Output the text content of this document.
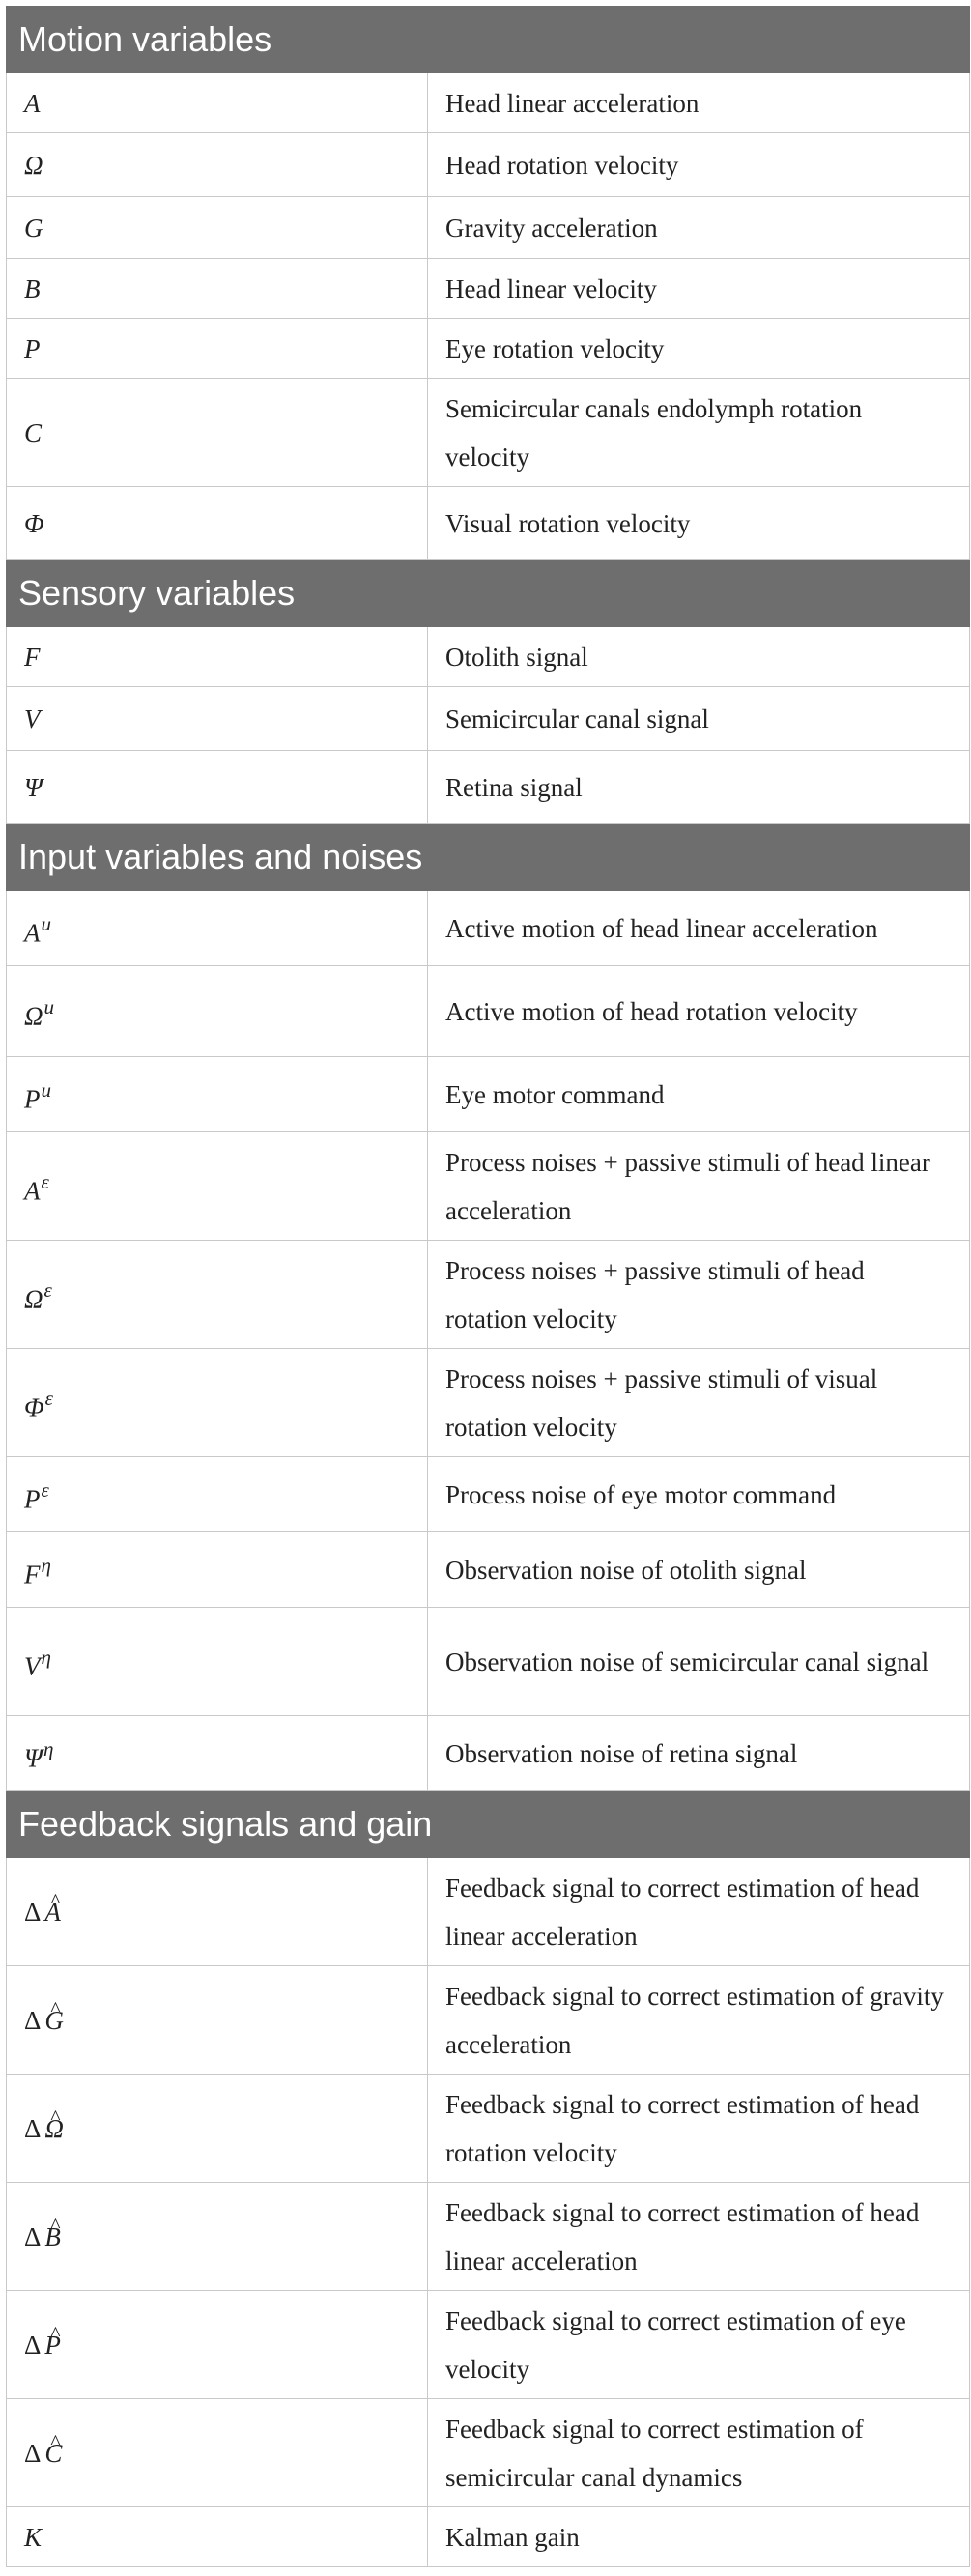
Motion variables	
A	Head linear acceleration
Ω	Head rotation velocity
G	Gravity acceleration
B	Head linear velocity
P	Eye rotation velocity
C	Semicircular canals endolymph rotation velocity
Φ	Visual rotation velocity
Sensory variables	
F	Otolith signal
V	Semicircular canal signal
Ψ	Retina signal
Input variables and noises	
$A^u$	Active motion of head linear acceleration
$\Omega^u$	Active motion of head rotation velocity
$P^u$	Eye motor command
$A^\varepsilon$	Process noises + passive stimuli of head linear acceleration
$\Omega^\varepsilon$	Process noises + passive stimuli of head rotation velocity
$\Phi^\varepsilon$	Process noises + passive stimuli of visual rotation velocity
$P^\varepsilon$	Process noise of eye motor command
$F^\eta$	Observation noise of otolith signal
$V^\eta$	Observation noise of semicircular canal signal
$\Psi^\eta$	Observation noise of retina signal
Feedback signals and gain	
Δ A ^	Feedback signal to correct estimation of head linear acceleration
Δ G ^	Feedback signal to correct estimation of gravity acceleration
Δ Ω ^	Feedback signal to correct estimation of head rotation velocity
Δ B ^	Feedback signal to correct estimation of head linear acceleration
Δ P ^	Feedback signal to correct estimation of eye velocity
Δ C ^	Feedback signal to correct estimation of semicircular canal dynamics
K	Kalman gain
